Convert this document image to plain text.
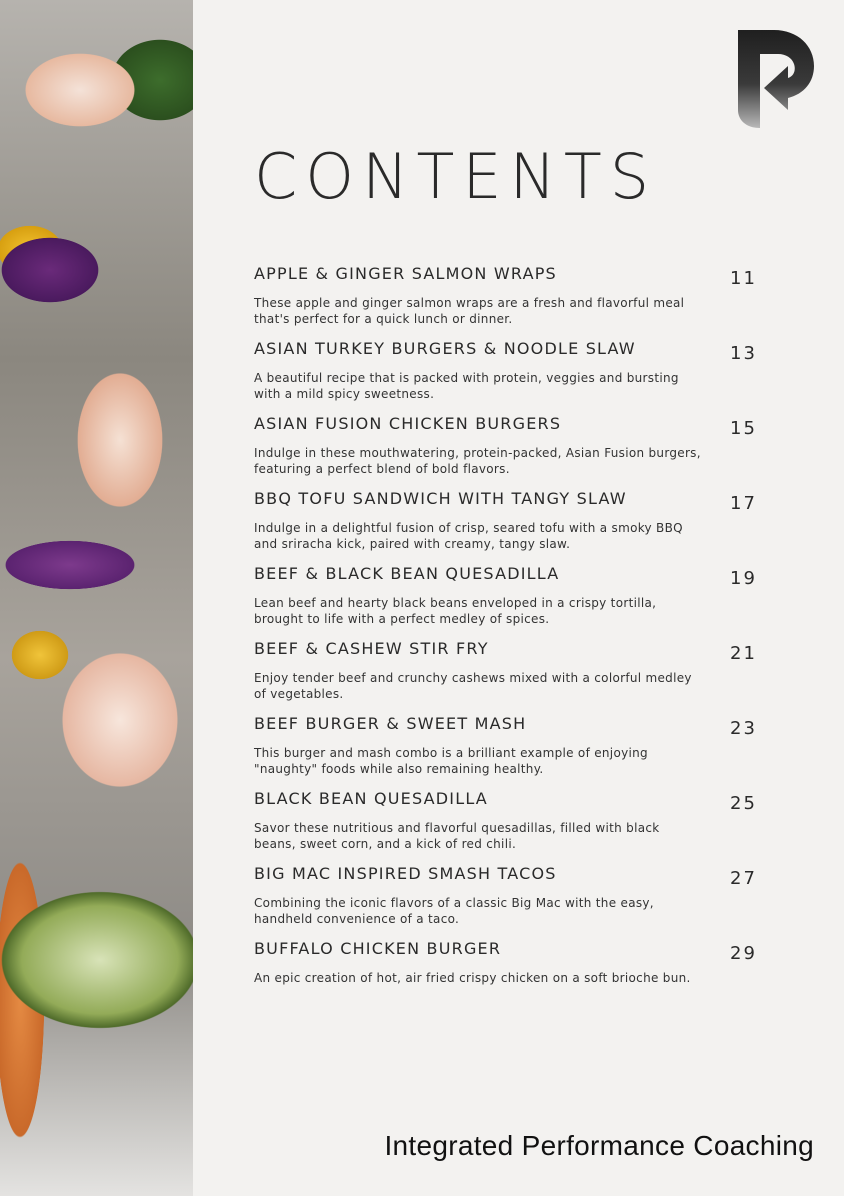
CONTENTS
APPLE & GINGER SALMON WRAPS	11
These apple and ginger salmon wraps are a fresh and flavorful meal that's perfect for a quick lunch or dinner.
ASIAN TURKEY BURGERS & NOODLE SLAW	13
A beautiful recipe that is packed with protein, veggies and bursting with a mild spicy sweetness.
ASIAN FUSION CHICKEN BURGERS	15
Indulge in these mouthwatering, protein-packed, Asian Fusion burgers, featuring a perfect blend of bold flavors.
BBQ TOFU SANDWICH WITH TANGY SLAW	17
Indulge in a delightful fusion of crisp, seared tofu with a smoky BBQ and sriracha kick, paired with creamy, tangy slaw.
BEEF & BLACK BEAN QUESADILLA	19
Lean beef and hearty black beans enveloped in a crispy tortilla, brought to life with a perfect medley of spices.
BEEF & CASHEW STIR FRY	21
Enjoy tender beef and crunchy cashews mixed with a colorful medley of vegetables.
BEEF BURGER & SWEET MASH	23
This burger and mash combo is a brilliant example of enjoying "naughty" foods while also remaining healthy.
BLACK BEAN QUESADILLA	25
Savor these nutritious and flavorful quesadillas, filled with black beans, sweet corn, and a kick of red chili.
BIG MAC INSPIRED SMASH TACOS	27
Combining the iconic flavors of a classic Big Mac with the easy, handheld convenience of a taco.
BUFFALO CHICKEN BURGER	29
An epic creation of hot, air fried crispy chicken on a soft brioche bun.
Integrated Performance Coaching
